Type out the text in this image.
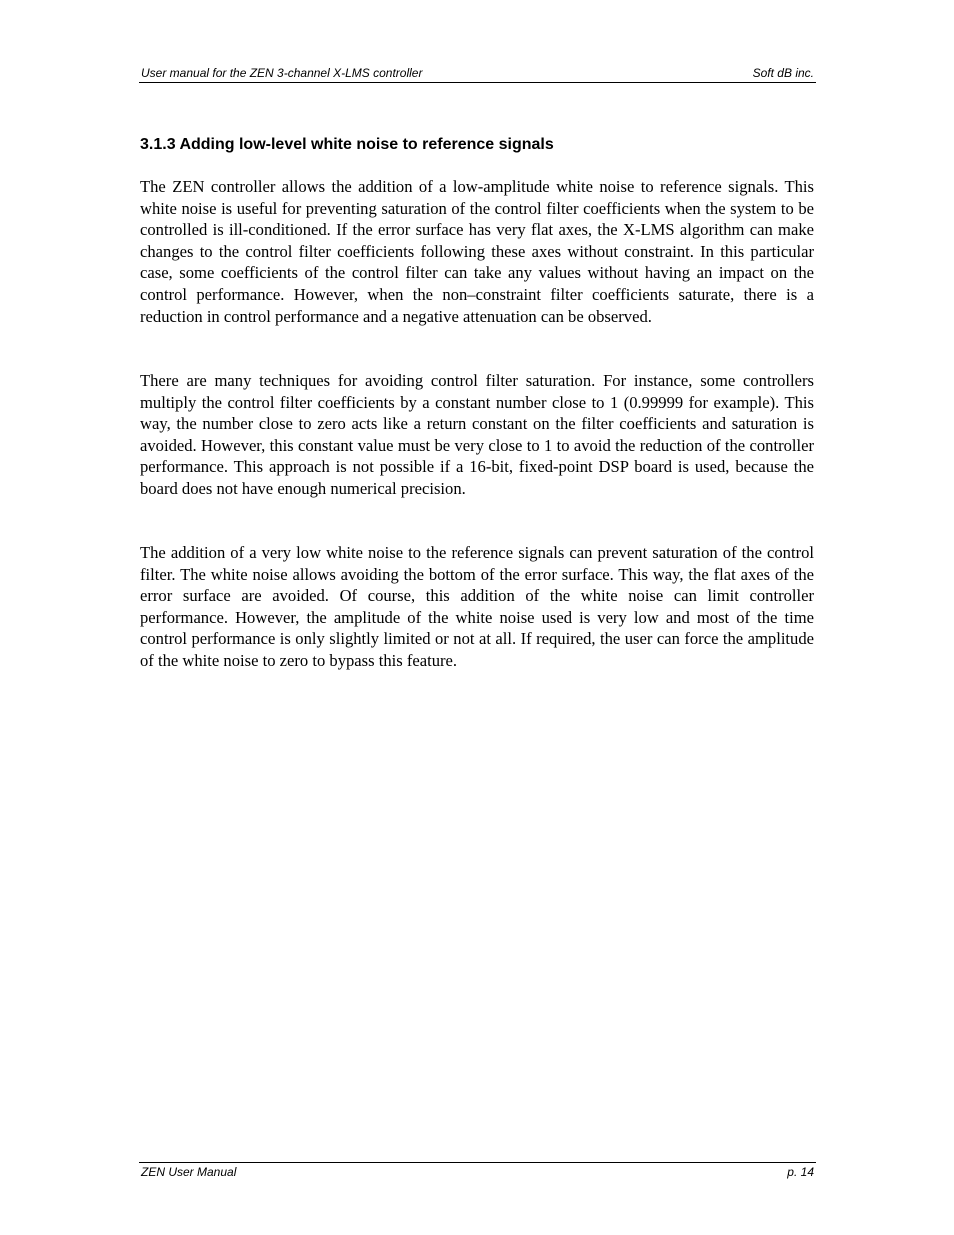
User manual for the ZEN 3-channel X-LMS controller	Soft dB inc.
3.1.3 Adding low-level white noise to reference signals

The ZEN controller allows the addition of a low-amplitude white noise to reference signals. This white noise is useful for preventing saturation of the control filter coefficients when the system to be controlled is ill-conditioned. If the error surface has very flat axes, the X-LMS algorithm can make changes to the control filter coefficients following these axes without constraint. In this particular case, some coefficients of the control filter can take any values without having an impact on the control performance. However, when the non–constraint filter coefficients saturate, there is a reduction in control performance and a negative attenuation can be observed.

There are many techniques for avoiding control filter saturation. For instance, some controllers multiply the control filter coefficients by a constant number close to 1 (0.99999 for example). This way, the number close to zero acts like a return constant on the filter coefficients and saturation is avoided. However, this constant value must be very close to 1 to avoid the reduction of the controller performance. This approach is not possible if a 16-bit, fixed-point DSP board is used, because the board does not have enough numerical precision.

The addition of a very low white noise to the reference signals can prevent saturation of the control filter. The white noise allows avoiding the bottom of the error surface. This way, the flat axes of the error surface are avoided. Of course, this addition of the white noise can limit controller performance. However, the amplitude of the white noise used is very low and most of the time control performance is only slightly limited or not at all. If required, the user can force the amplitude of the white noise to zero to bypass this feature.

ZEN User Manual	p. 14
